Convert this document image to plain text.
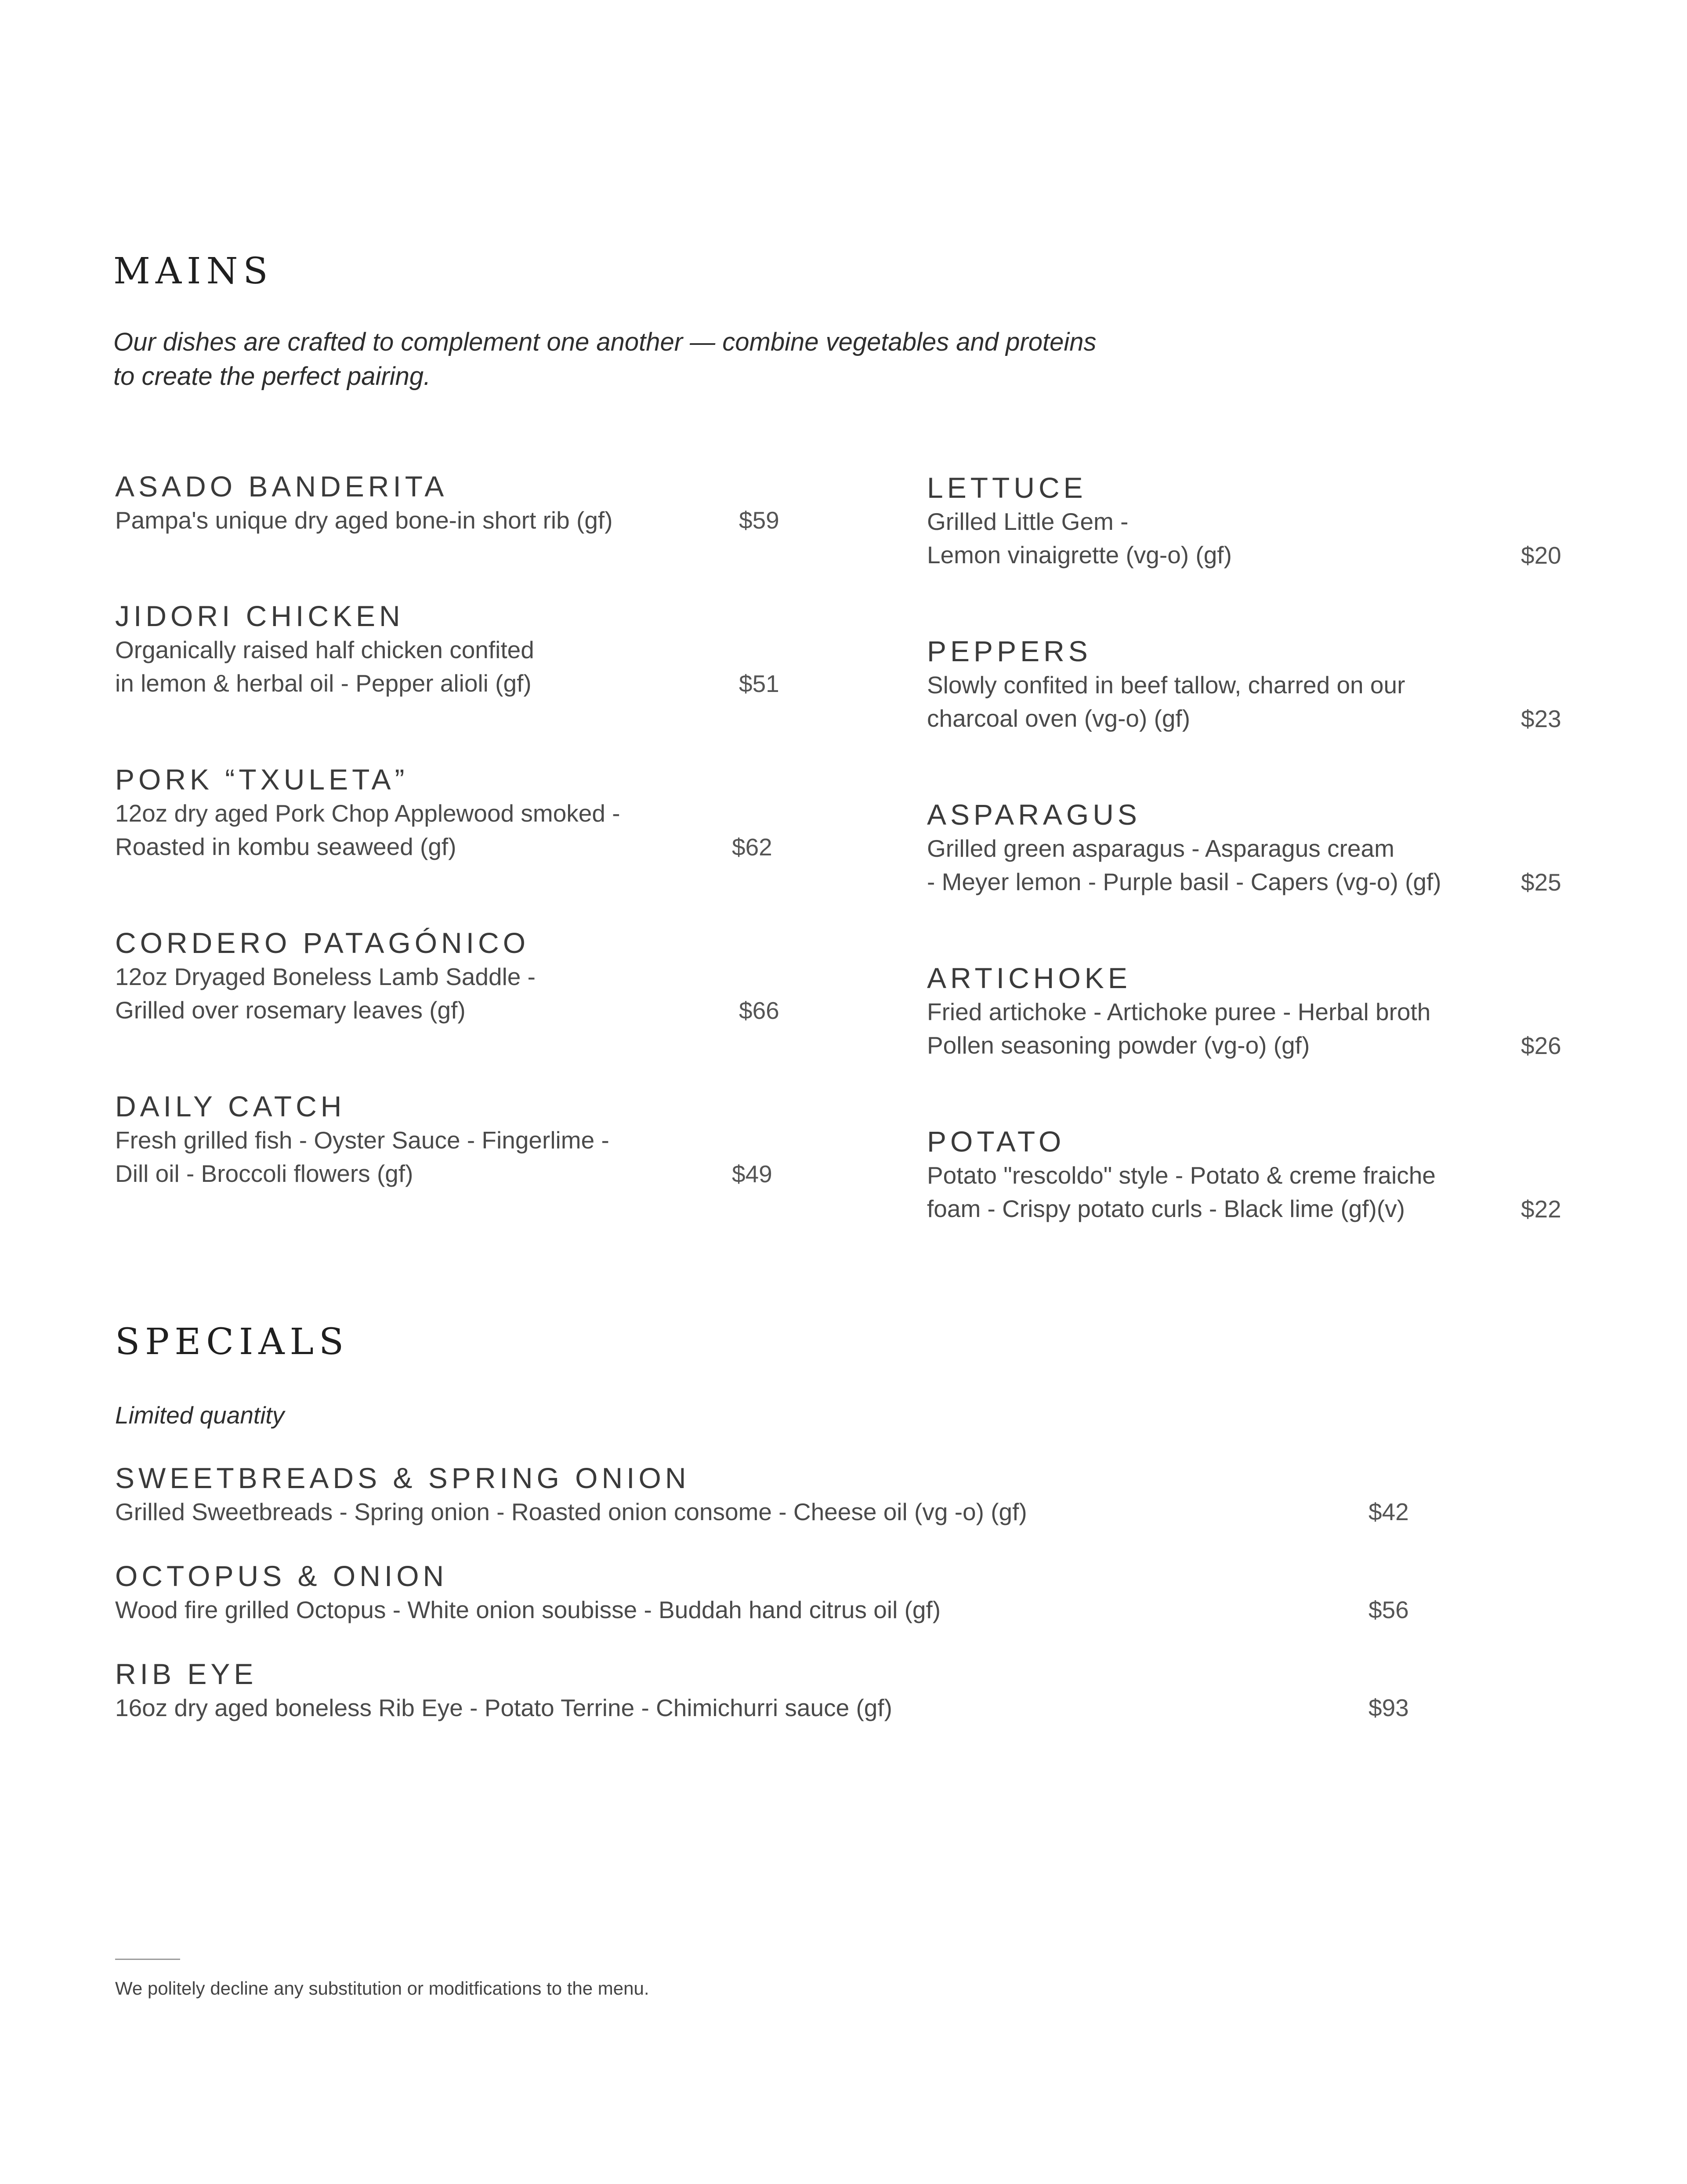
MAINS

Our dishes are crafted to complement one another — combine vegetables and proteins

to create the perfect pairing.

ASADO BANDERITA
Pampa's unique dry aged bone-in short rib (gf)	$59
JIDORI CHICKEN
Organically raised half chicken confited
in lemon & herbal oil - Pepper alioli (gf)	$51
PORK “TXULETA”
12oz dry aged Pork Chop Applewood smoked -
Roasted in kombu seaweed (gf)	$62
CORDERO PATAGÓNICO
12oz Dryaged Boneless Lamb Saddle -
Grilled over rosemary leaves (gf)	$66
DAILY CATCH
Fresh grilled fish - Oyster Sauce - Fingerlime -
Dill oil - Broccoli flowers (gf)	$49
LETTUCE
Grilled Little Gem -
Lemon vinaigrette (vg-o) (gf)	$20
PEPPERS
Slowly confited in beef tallow, charred on our
charcoal oven (vg-o) (gf)	$23
ASPARAGUS
Grilled green asparagus - Asparagus cream
- Meyer lemon - Purple basil - Capers (vg-o) (gf)	$25
ARTICHOKE
Fried artichoke - Artichoke puree - Herbal broth
Pollen seasoning powder (vg-o) (gf)	$26
POTATO
Potato "rescoldo" style - Potato & creme fraiche
foam - Crispy potato curls - Black lime (gf)(v)	$22
SPECIALS

Limited quantity

SWEETBREADS & SPRING ONION
Grilled Sweetbreads - Spring onion - Roasted onion consome - Cheese oil (vg -o) (gf)	$42
OCTOPUS & ONION
Wood fire grilled Octopus - White onion soubisse - Buddah hand citrus oil (gf)	$56
RIB EYE
16oz dry aged boneless Rib Eye - Potato Terrine - Chimichurri sauce (gf)	$93
We politely decline any substitution or moditfications to the menu.
